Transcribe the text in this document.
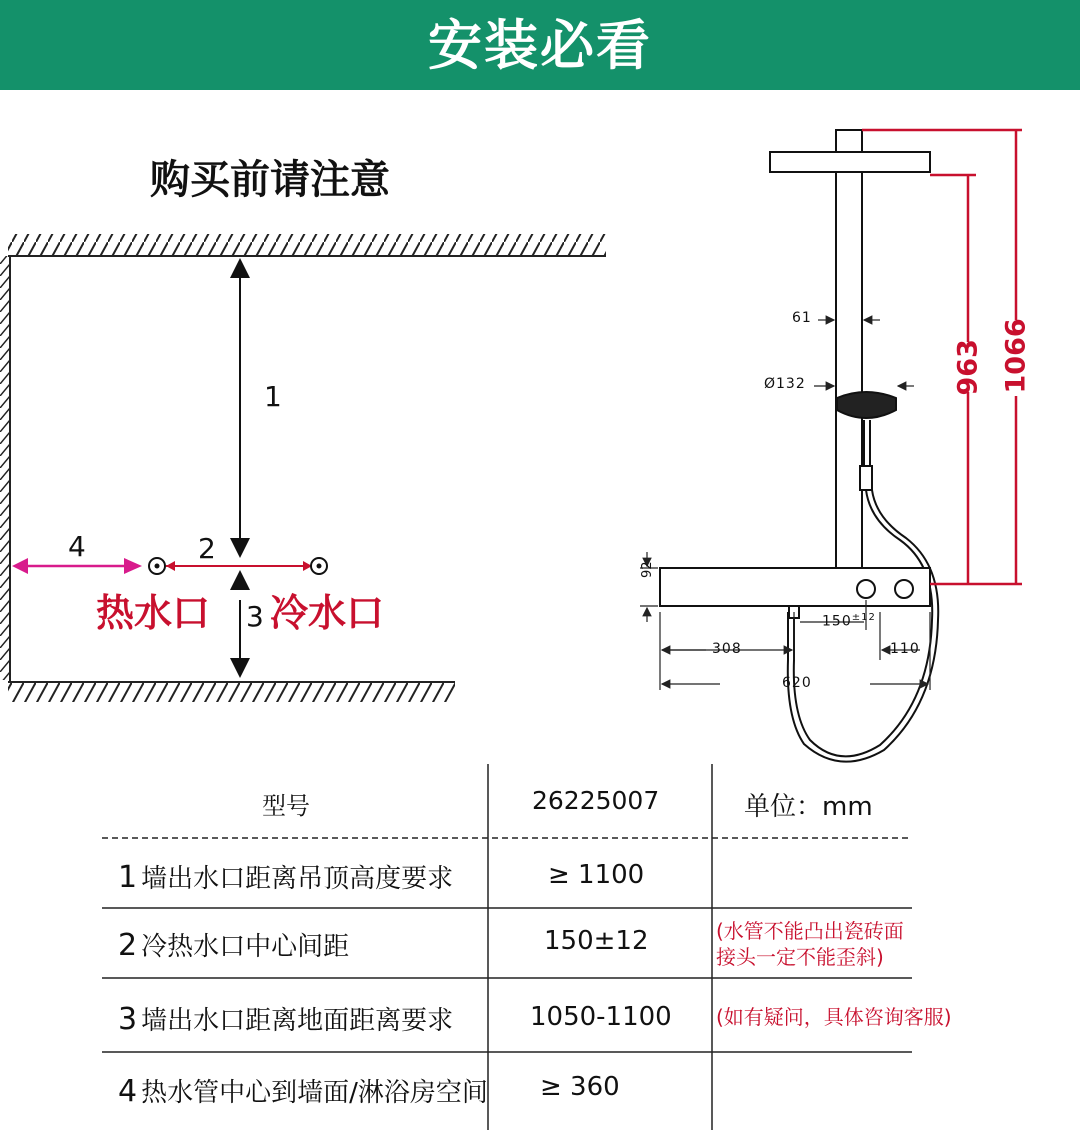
安装必看
购买前请注意
1
2
3
4
热水口 冷水口
61
Ø132
92
$150^{\pm 12}$
308	110
620
963 1066
型号	26225007	单位：mm
1 墙出水口距离吊顶高度要求	≥ 1100
2 冷热水口中心间距	150±12	(水管不能凸出瓷砖面
接头一定不能歪斜)
3 墙出水口距离地面距离要求	1050-1100 (如有疑问，具体咨询客服)
4 热水管中心到墙面/淋浴房空间 ≥ 360
